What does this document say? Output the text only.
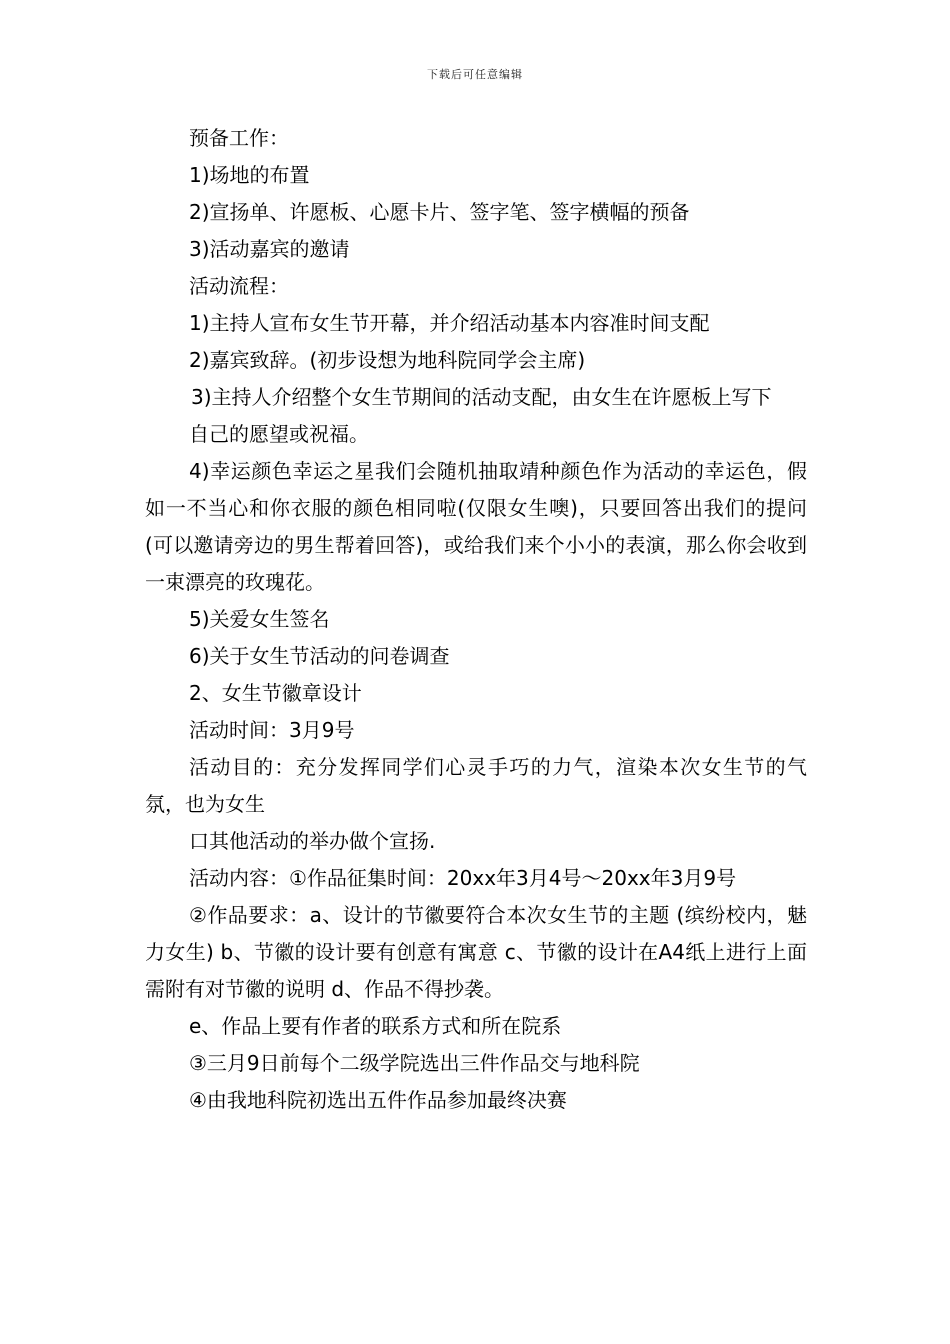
下载后可任意编辑

预备工作：

1)场地的布置

2)宣扬单、许愿板、心愿卡片、签字笔、签字横幅的预备

3)活动嘉宾的邀请

活动流程：

1)主持人宣布女生节开幕，并介绍活动基本内容准时间支配

2)嘉宾致辞。(初步设想为地科院同学会主席)

3)主持人介绍整个女生节期间的活动支配，由女生在许愿板上写下

自己的愿望或祝福。

4)幸运颜色幸运之星我们会随机抽取靖种颜色作为活动的幸运色，假如一不当心和你衣服的颜色相同啦(仅限女生噢)，只要回答出我们的提问(可以邀请旁边的男生帮着回答)，或给我们来个小小的表演，那么你会收到一束漂亮的玫瑰花。

5)关爱女生签名

6)关于女生节活动的问卷调查

2、女生节徽章设计

活动时间：3月9号

活动目的：充分发挥同学们心灵手巧的力气，渲染本次女生节的气氛，也为女生

口其他活动的举办做个宣扬.

活动内容：①作品征集时间：20xx年3月4号～20xx年3月9号

②作品要求：a、设计的节徽要符合本次女生节的主题 (缤纷校内，魅力女生) b、节徽的设计要有创意有寓意 c、节徽的设计在A4纸上进行上面需附有对节徽的说明 d、作品不得抄袭。

e、作品上要有作者的联系方式和所在院系

③三月9日前每个二级学院选出三件作品交与地科院

④由我地科院初选出五件作品参加最终决赛
